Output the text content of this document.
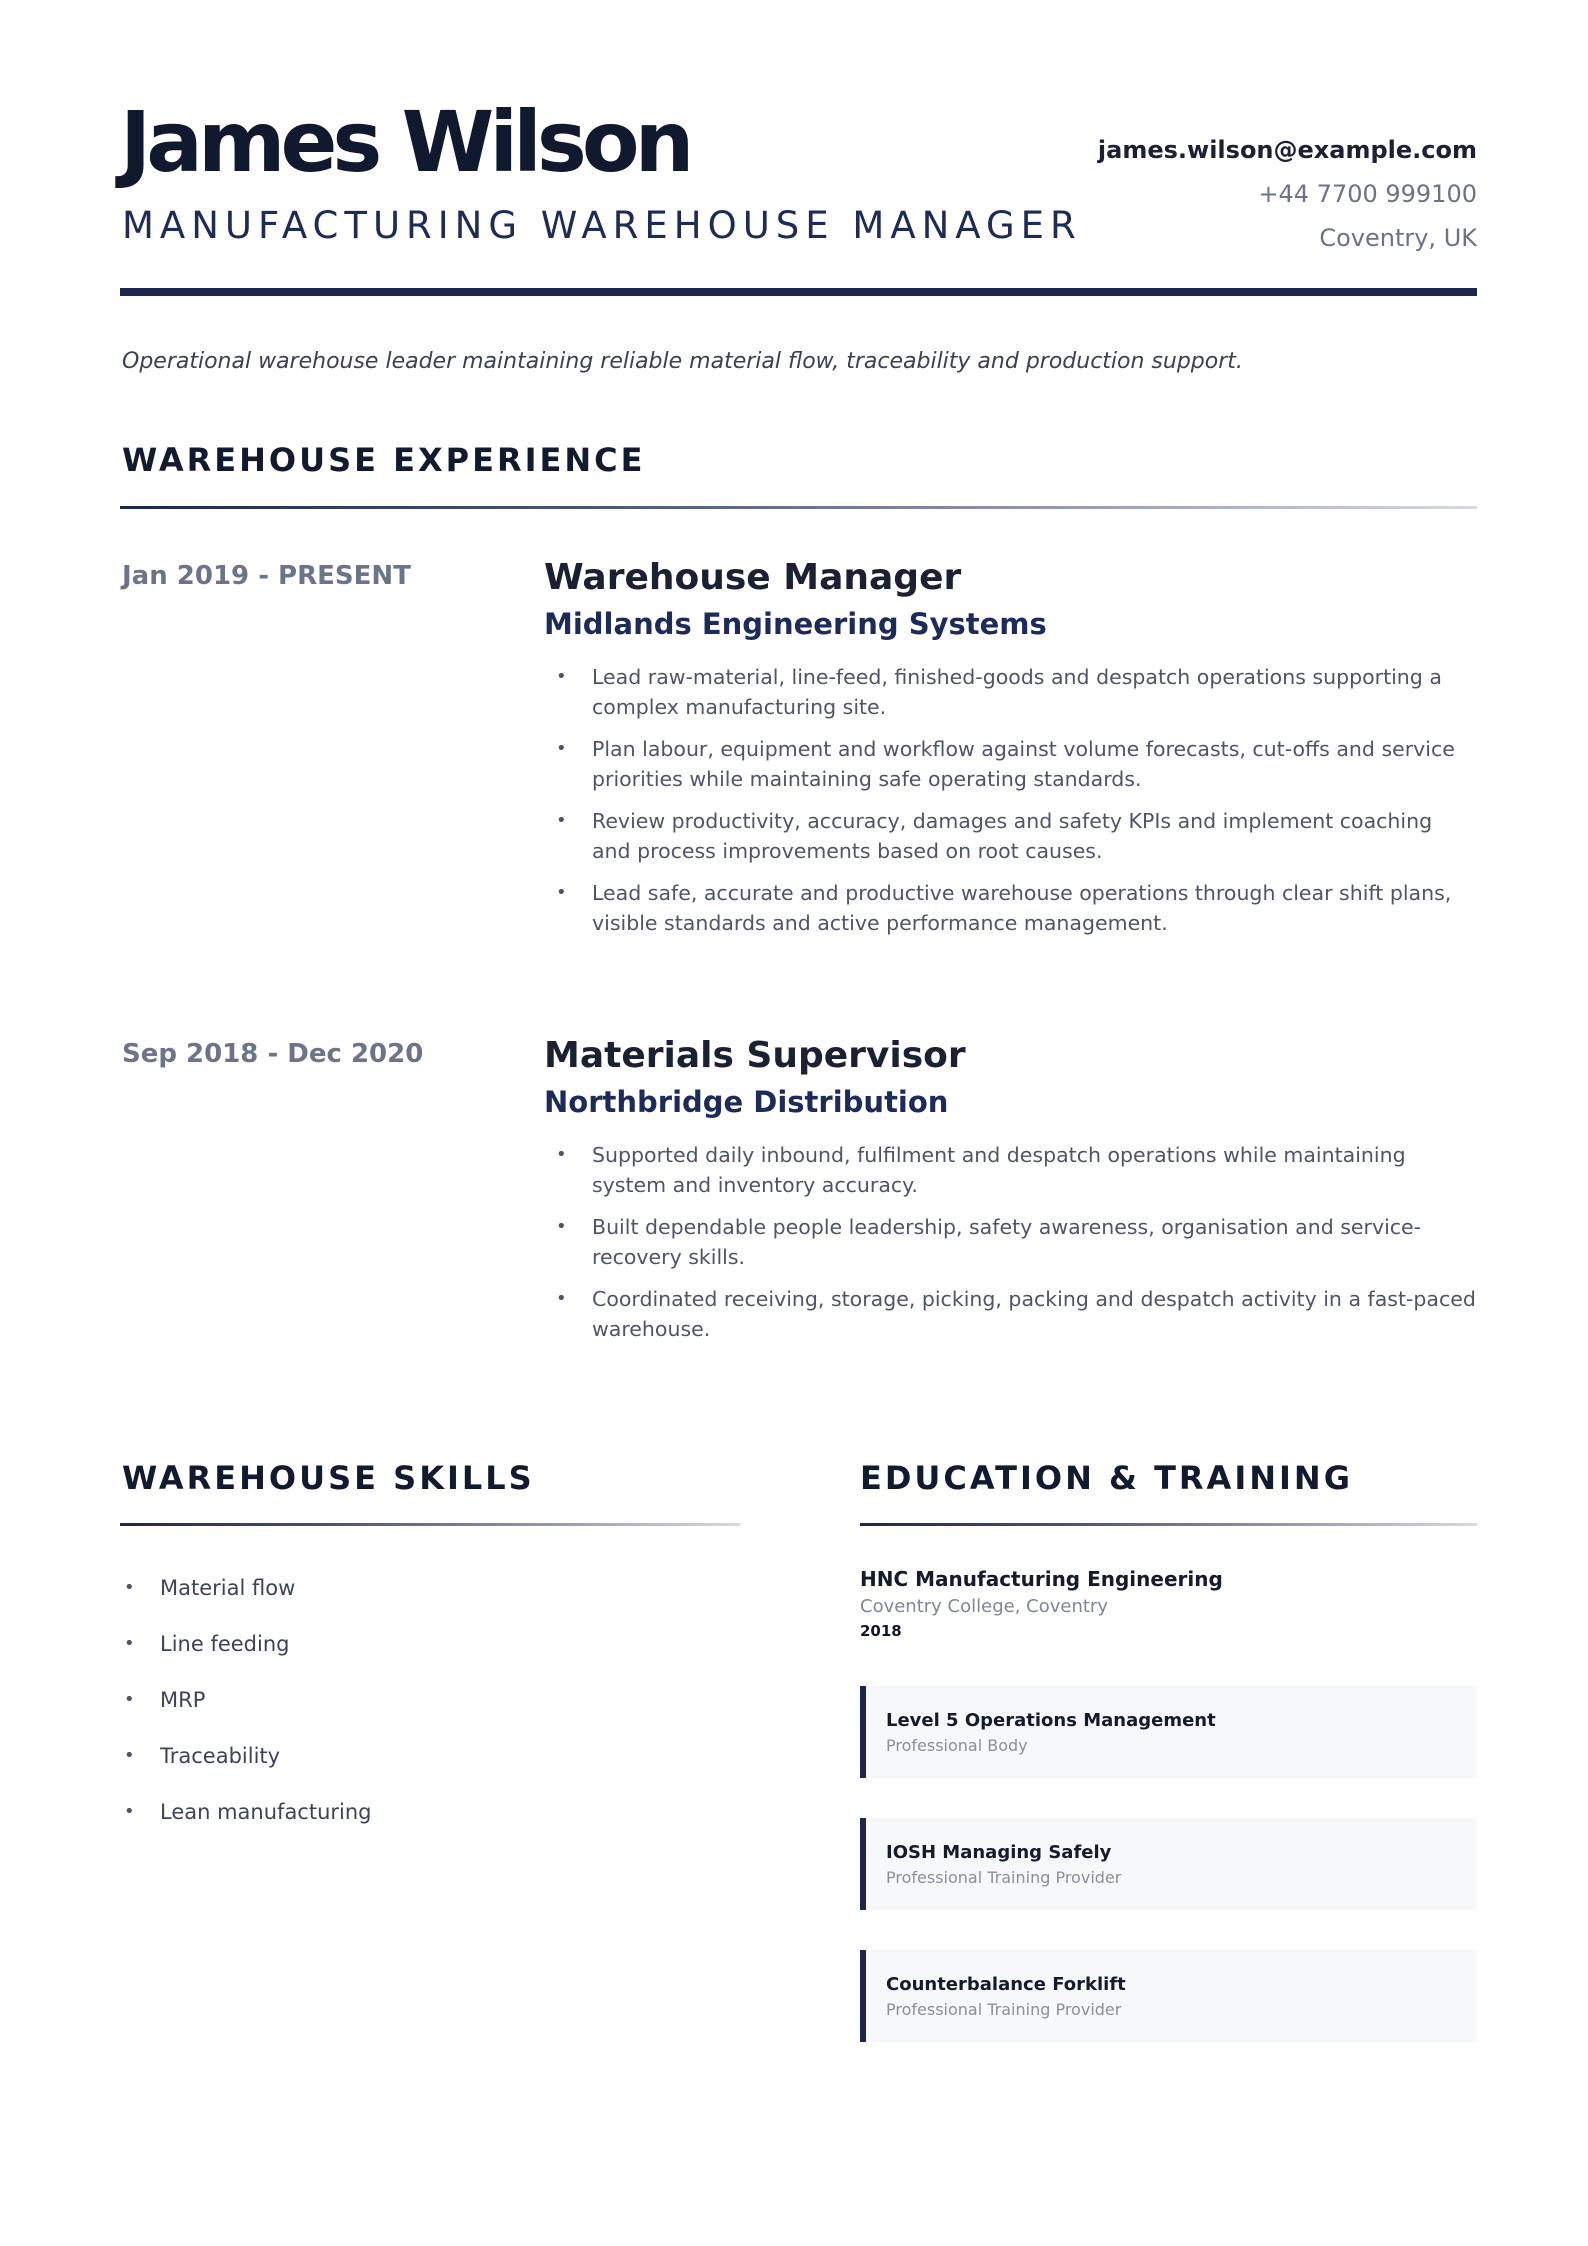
James Wilson
MANUFACTURING WAREHOUSE MANAGER
james.wilson@example.com
+44 7700 999100
Coventry, UK
Operational warehouse leader maintaining reliable material flow, traceability and production support.
WAREHOUSE EXPERIENCE
Jan 2019 - PRESENT	Warehouse Manager
Midlands Engineering Systems
• Lead raw-material, line-feed, finished-goods and despatch operations supporting a complex manufacturing site.
• Plan labour, equipment and workflow against volume forecasts, cut-offs and service priorities while maintaining safe operating standards.
• Review productivity, accuracy, damages and safety KPIs and implement coaching and process improvements based on root causes.
• Lead safe, accurate and productive warehouse operations through clear shift plans, visible standards and active performance management.
Sep 2018 - Dec 2020	Materials Supervisor
Northbridge Distribution
• Supported daily inbound, fulfilment and despatch operations while maintaining system and inventory accuracy.
• Built dependable people leadership, safety awareness, organisation and service-recovery skills.
• Coordinated receiving, storage, picking, packing and despatch activity in a fast-paced warehouse.
WAREHOUSE SKILLS
• Material flow
• Line feeding
• MRP
• Traceability
• Lean manufacturing
EDUCATION & TRAINING
HNC Manufacturing Engineering
Coventry College, Coventry
2018
Level 5 Operations Management
Professional Body
IOSH Managing Safely
Professional Training Provider
Counterbalance Forklift
Professional Training Provider
